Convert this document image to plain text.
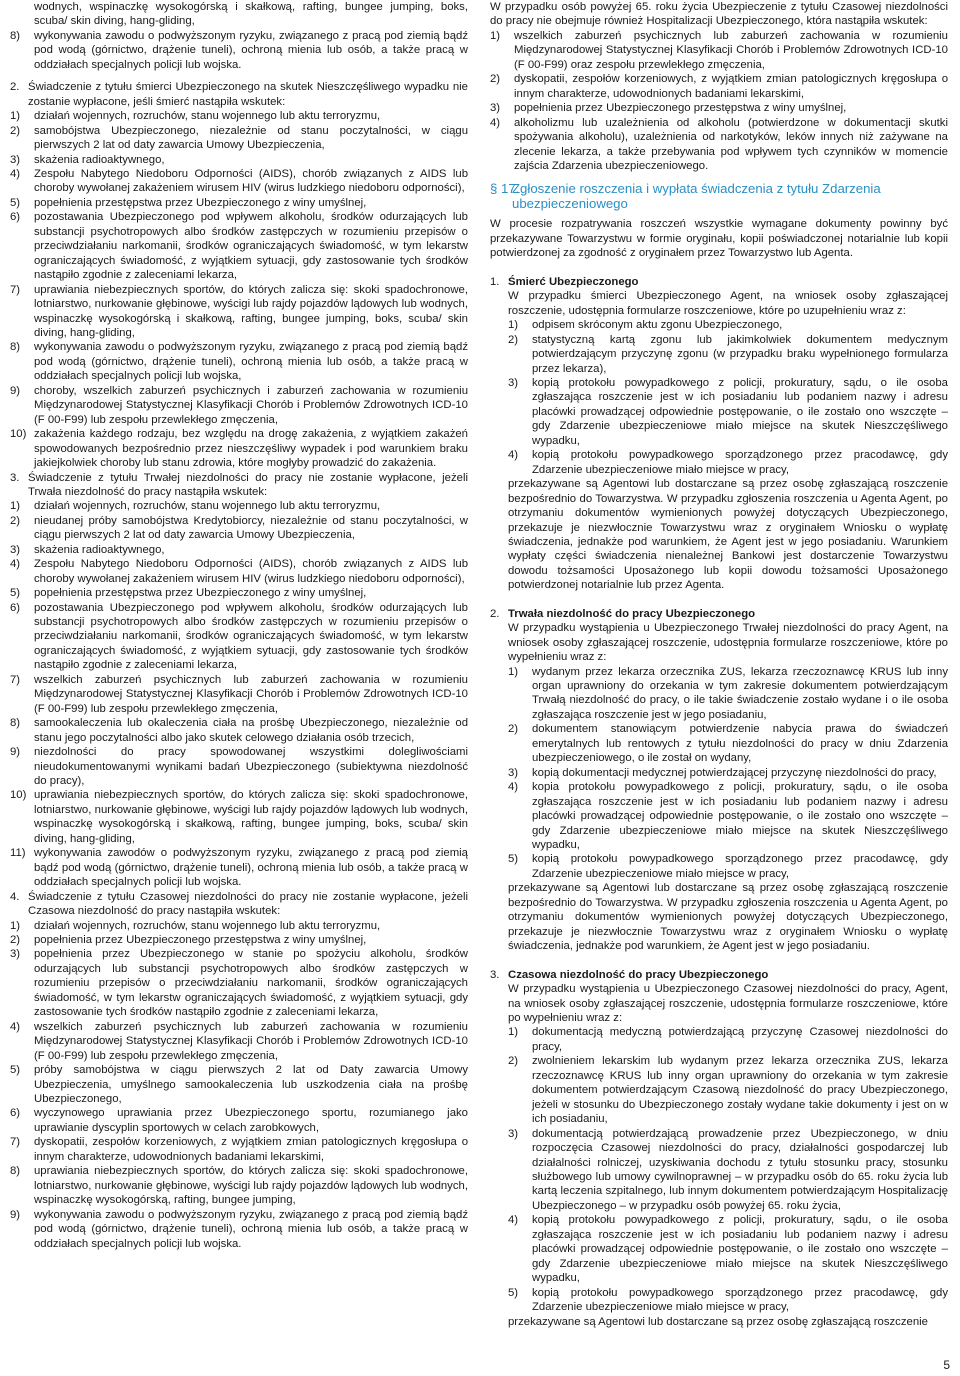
wodnych, wspinaczkę wysokogórską i skałkową, rafting, bungee jumping, boks, scuba/ skin diving, hang-gliding,

8) wykonywania zawodu o podwyższonym ryzyku, związanego z pracą pod ziemią bądź pod wodą (górnictwo, drążenie tuneli), ochroną mienia lub osób, a także pracą w oddziałach specjalnych policji lub wojska.

2. Świadczenie z tytułu śmierci Ubezpieczonego na skutek Nieszczęśliwego wypadku nie zostanie wypłacone, jeśli śmierć nastąpiła wskutek:

1) działań wojennych, rozruchów, stanu wojennego lub aktu terroryzmu,

2) samobójstwa Ubezpieczonego, niezależnie od stanu poczytalności, w ciągu pierwszych 2 lat od daty zawarcia Umowy Ubezpieczenia,

3) skażenia radioaktywnego,

4) Zespołu Nabytego Niedoboru Odporności (AIDS), chorób związanych z AIDS lub choroby wywołanej zakażeniem wirusem HIV (wirus ludzkiego niedoboru odporności),

5) popełnienia przestępstwa przez Ubezpieczonego z winy umyślnej,

6) pozostawania Ubezpieczonego pod wpływem alkoholu, środków odurzających lub substancji psychotropowych albo środków zastępczych w rozumieniu przepisów o przeciwdziałaniu narkomanii, środków ograniczających świadomość, w tym lekarstw ograniczających świadomość, z wyjątkiem sytuacji, gdy zastosowanie tych środków nastąpiło zgodnie z zaleceniami lekarza,

7) uprawiania niebezpiecznych sportów, do których zalicza się: skoki spadochronowe, lotniarstwo, nurkowanie głębinowe, wyścigi lub rajdy pojazdów lądowych lub wodnych, wspinaczkę wysokogórską i skałkową, rafting, bungee jumping, boks, scuba/ skin diving, hang-gliding,

8) wykonywania zawodu o podwyższonym ryzyku, związanego z pracą pod ziemią bądź pod wodą (górnictwo, drążenie tuneli), ochroną mienia lub osób, a także pracą w oddziałach specjalnych policji lub wojska,

9) choroby, wszelkich zaburzeń psychicznych i zaburzeń zachowania w rozumieniu Międzynarodowej Statystycznej Klasyfikacji Chorób i Problemów Zdrowotnych ICD-10 (F 00-F99) lub zespołu przewlekłego zmęczenia,

10) zakażenia każdego rodzaju, bez względu na drogę zakażenia, z wyjątkiem zakażeń spowodowanych bezpośrednio przez nieszczęśliwy wypadek i pod warunkiem braku jakiejkolwiek choroby lub stanu zdrowia, które mogłyby prowadzić do zakażenia.

3. Świadczenie z tytułu Trwałej niezdolności do pracy nie zostanie wypłacone, jeżeli Trwała niezdolność do pracy nastąpiła wskutek:

1) działań wojennych, rozruchów, stanu wojennego lub aktu terroryzmu,

2) nieudanej próby samobójstwa Kredytobiorcy, niezależnie od stanu poczytalności, w ciągu pierwszych 2 lat od daty zawarcia Umowy Ubezpieczenia,

3) skażenia radioaktywnego,

4) Zespołu Nabytego Niedoboru Odporności (AIDS), chorób związanych z AIDS lub choroby wywołanej zakażeniem wirusem HIV (wirus ludzkiego niedoboru odporności),

5) popełnienia przestępstwa przez Ubezpieczonego z winy umyślnej,

6) pozostawania Ubezpieczonego pod wpływem alkoholu, środków odurzających lub substancji psychotropowych albo środków zastępczych w rozumieniu przepisów o przeciwdziałaniu narkomanii, środków ograniczających świadomość, w tym lekarstw ograniczających świadomość, z wyjątkiem sytuacji, gdy zastosowanie tych środków nastąpiło zgodnie z zaleceniami lekarza,

7) wszelkich zaburzeń psychicznych lub zaburzeń zachowania w rozumieniu Międzynarodowej Statystycznej Klasyfikacji Chorób i Problemów Zdrowotnych ICD-10 (F 00-F99) lub zespołu przewlekłego zmęczenia,

8) samookaleczenia lub okaleczenia ciała na prośbę Ubezpieczonego, niezależnie od stanu jego poczytalności albo jako skutek celowego działania osób trzecich,

9) niezdolności do pracy spowodowanej wszystkimi dolegliwościami nieudokumentowanymi wynikami badań Ubezpieczonego (subiektywna niezdolność do pracy),

10) uprawiania niebezpiecznych sportów, do których zalicza się: skoki spadochronowe, lotniarstwo, nurkowanie głębinowe, wyścigi lub rajdy pojazdów lądowych lub wodnych, wspinaczkę wysokogórską i skałkową, rafting, bungee jumping, boks, scuba/ skin diving, hang-gliding,

11) wykonywania zawodów o podwyższonym ryzyku, związanego z pracą pod ziemią bądź pod wodą (górnictwo, drążenie tuneli), ochroną mienia lub osób, a także pracą w oddziałach specjalnych policji lub wojska.

4. Świadczenie z tytułu Czasowej niezdolności do pracy nie zostanie wypłacone, jeżeli Czasowa niezdolność do pracy nastąpiła wskutek:

1) działań wojennych, rozruchów, stanu wojennego lub aktu terroryzmu,

2) popełnienia przez Ubezpieczonego przestępstwa z winy umyślnej,

3) popełnienia przez Ubezpieczonego w stanie po spożyciu alkoholu, środków odurzających lub substancji psychotropowych albo środków zastępczych w rozumieniu przepisów o przeciwdziałaniu narkomanii, środków ograniczających świadomość, w tym lekarstw ograniczających świadomość, z wyjątkiem sytuacji, gdy zastosowanie tych środków nastąpiło zgodnie z zaleceniami lekarza,

4) wszelkich zaburzeń psychicznych lub zaburzeń zachowania w rozumieniu Międzynarodowej Statystycznej Klasyfikacji Chorób i Problemów Zdrowotnych ICD-10 (F 00-F99) lub zespołu przewlekłego zmęczenia,

5) próby samobójstwa w ciągu pierwszych 2 lat od Daty zawarcia Umowy Ubezpieczenia, umyślnego samookaleczenia lub uszkodzenia ciała na prośbę Ubezpieczonego,

6) wyczynowego uprawiania przez Ubezpieczonego sportu, rozumianego jako uprawianie dyscyplin sportowych w celach zarobkowych,

7) dyskopatii, zespołów korzeniowych, z wyjątkiem zmian patologicznych kręgosłupa o innym charakterze, udowodnionych badaniami lekarskimi,

8) uprawiania niebezpiecznych sportów, do których zalicza się: skoki spadochronowe, lotniarstwo, nurkowanie głębinowe, wyścigi lub rajdy pojazdów lądowych lub wodnych, wspinaczkę wysokogórską, rafting, bungee jumping,

9) wykonywania zawodu o podwyższonym ryzyku, związanego z pracą pod ziemią bądź pod wodą (górnictwo, drążenie tuneli), ochroną mienia lub osób, a także pracą w oddziałach specjalnych policji lub wojska.

W przypadku osób powyżej 65. roku życia Ubezpieczenie z tytułu Czasowej niezdolności do pracy nie obejmuje również Hospitalizacji Ubezpieczonego, która nastąpiła wskutek:

1) wszelkich zaburzeń psychicznych lub zaburzeń zachowania w rozumieniu Międzynarodowej Statystycznej Klasyfikacji Chorób i Problemów Zdrowotnych ICD-10 (F 00-F99) oraz zespołu przewlekłego zmęczenia,

2) dyskopatii, zespołów korzeniowych, z wyjątkiem zmian patologicznych kręgosłupa o innym charakterze, udowodnionych badaniami lekarskimi,

3) popełnienia przez Ubezpieczonego przestępstwa z winy umyślnej,

4) alkoholizmu lub uzależnienia od alkoholu (potwierdzone w dokumentacji skutki spożywania alkoholu), uzależnienia od narkotyków, leków innych niż zażywane na zlecenie lekarza, a także przebywania pod wpływem tych czynników w momencie zajścia Zdarzenia ubezpieczeniowego.

§ 17.
Zgłoszenie roszczenia i wypłata świadczenia z tytułu Zdarzenia ubezpieczeniowego

W procesie rozpatrywania roszczeń wszystkie wymagane dokumenty powinny być przekazywane Towarzystwu w formie oryginału, kopii poświadczonej notarialnie lub kopii potwierdzonej za zgodność z oryginałem przez Towarzystwo lub Agenta.

1. Śmierć Ubezpieczonego

W przypadku śmierci Ubezpieczonego Agent, na wniosek osoby zgłaszającej roszczenie, udostępnia formularze roszczeniowe, które po uzupełnieniu wraz z:

1) odpisem skróconym aktu zgonu Ubezpieczonego,

2) statystyczną kartą zgonu lub jakimkolwiek dokumentem medycznym potwierdzającym przyczynę zgonu (w przypadku braku wypełnionego formularza przez lekarza),

3) kopią protokołu powypadkowego z policji, prokuratury, sądu, o ile osoba zgłaszająca roszczenie jest w ich posiadaniu lub podaniem nazwy i adresu placówki prowadzącej odpowiednie postępowanie, o ile zostało ono wszczęte – gdy Zdarzenie ubezpieczeniowe miało miejsce na skutek Nieszczęśliwego wypadku,

4) kopią protokołu powypadkowego sporządzonego przez pracodawcę, gdy Zdarzenie ubezpieczeniowe miało miejsce w pracy,

przekazywane są Agentowi lub dostarczane są przez osobę zgłaszającą roszczenie bezpośrednio do Towarzystwa. W przypadku zgłoszenia roszczenia u Agenta Agent, po otrzymaniu dokumentów wymienionych powyżej dotyczących Ubezpieczonego, przekazuje je niezwłocznie Towarzystwu wraz z oryginałem Wniosku o wypłatę świadczenia, jednakże pod warunkiem, że Agent jest w jego posiadaniu. Warunkiem wypłaty części świadczenia nienależnej Bankowi jest dostarczenie Towarzystwu dowodu tożsamości Uposażonego lub kopii dowodu tożsamości Uposażonego potwierdzonej notarialnie lub przez Agenta.

2. Trwała niezdolność do pracy Ubezpieczonego

W przypadku wystąpienia u Ubezpieczonego Trwałej niezdolności do pracy Agent, na wniosek osoby zgłaszającej roszczenie, udostępnia formularze roszczeniowe, które po wypełnieniu wraz z:

1) wydanym przez lekarza orzecznika ZUS, lekarza rzeczoznawcę KRUS lub inny organ uprawniony do orzekania w tym zakresie dokumentem potwierdzającym Trwałą niezdolność do pracy, o ile takie świadczenie zostało wydane i o ile osoba zgłaszająca roszczenie jest w jego posiadaniu,

2) dokumentem stanowiącym potwierdzenie nabycia prawa do świadczeń emerytalnych lub rentowych z tytułu niezdolności do pracy w dniu Zdarzenia ubezpieczeniowego, o ile został on wydany,

3) kopią dokumentacji medycznej potwierdzającej przyczynę niezdolności do pracy,

4) kopia protokołu powypadkowego z policji, prokuratury, sądu, o ile osoba zgłaszająca roszczenie jest w ich posiadaniu lub podaniem nazwy i adresu placówki prowadzącej odpowiednie postępowanie, o ile zostało ono wszczęte – gdy Zdarzenie ubezpieczeniowe miało miejsce na skutek Nieszczęśliwego wypadku,

5) kopią protokołu powypadkowego sporządzonego przez pracodawcę, gdy Zdarzenie ubezpieczeniowe miało miejsce w pracy,

przekazywane są Agentowi lub dostarczane są przez osobę zgłaszającą roszczenie bezpośrednio do Towarzystwa. W przypadku zgłoszenia roszczenia u Agenta Agent, po otrzymaniu dokumentów wymienionych powyżej dotyczących Ubezpieczonego, przekazuje je niezwłocznie Towarzystwu wraz z oryginałem Wniosku o wypłatę świadczenia, jednakże pod warunkiem, że Agent jest w jego posiadaniu.

3. Czasowa niezdolność do pracy Ubezpieczonego

W przypadku wystąpienia u Ubezpieczonego Czasowej niezdolności do pracy, Agent, na wniosek osoby zgłaszającej roszczenie, udostępnia formularze roszczeniowe, które po wypełnieniu wraz z:

1) dokumentacją medyczną potwierdzającą przyczynę Czasowej niezdolności do pracy,

2) zwolnieniem lekarskim lub wydanym przez lekarza orzecznika ZUS, lekarza rzeczoznawcę KRUS lub inny organ uprawniony do orzekania w tym zakresie dokumentem potwierdzającym Czasową niezdolność do pracy Ubezpieczonego, jeżeli w stosunku do Ubezpieczonego zostały wydane takie dokumenty i jest on w ich posiadaniu,

3) dokumentacją potwierdzającą prowadzenie przez Ubezpieczonego, w dniu rozpoczęcia Czasowej niezdolności do pracy, działalności gospodarczej lub działalności rolniczej, uzyskiwania dochodu z tytułu stosunku pracy, stosunku służbowego lub umowy cywilnoprawnej – w przypadku osób do 65. roku życia lub kartą leczenia szpitalnego, lub innym dokumentem potwierdzającym Hospitalizację Ubezpieczonego – w przypadku osób powyżej 65. roku życia,

4) kopią protokołu powypadkowego z policji, prokuratury, sądu, o ile osoba zgłaszająca roszczenie jest w ich posiadaniu lub podaniem nazwy i adresu placówki prowadzącej odpowiednie postępowanie, o ile zostało ono wszczęte – gdy Zdarzenie ubezpieczeniowe miało miejsce na skutek Nieszczęśliwego wypadku,

5) kopią protokołu powypadkowego sporządzonego przez pracodawcę, gdy Zdarzenie ubezpieczeniowe miało miejsce w pracy,

przekazywane są Agentowi lub dostarczane są przez osobę zgłaszającą roszczenie

5
